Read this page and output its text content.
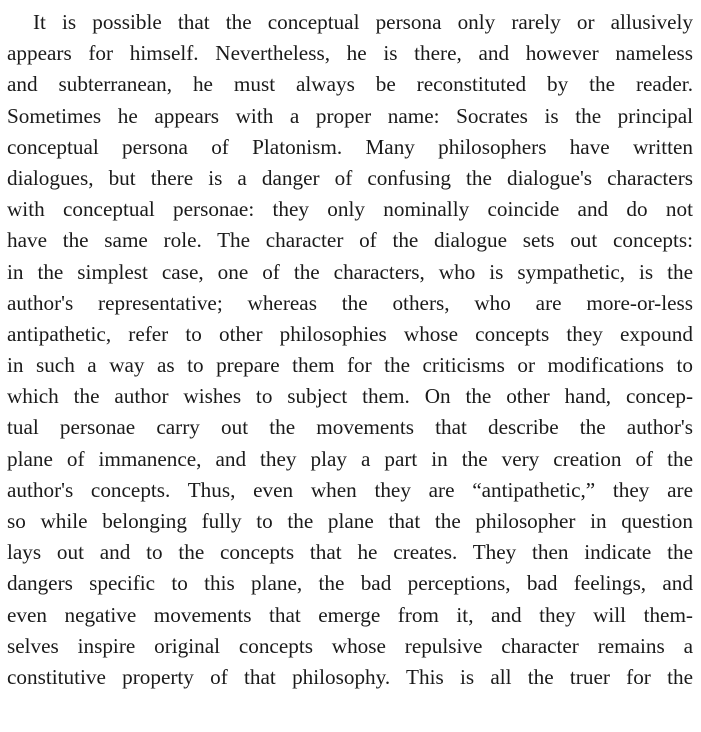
It is possible that the conceptual persona only rarely or allusively
appears for himself. Nevertheless, he is there, and however nameless
and subterranean, he must always be reconstituted by the reader.
Sometimes he appears with a proper name: Socrates is the principal
conceptual persona of Platonism. Many philosophers have written
dialogues, but there is a danger of confusing the dialogue's characters
with conceptual personae: they only nominally coincide and do not
have the same role. The character of the dialogue sets out concepts:
in the simplest case, one of the characters, who is sympathetic, is the
author's representative; whereas the others, who are more-or-less
antipathetic, refer to other philosophies whose concepts they expound
in such a way as to prepare them for the criticisms or modifications to
which the author wishes to subject them. On the other hand, concep-
tual personae carry out the movements that describe the author's
plane of immanence, and they play a part in the very creation of the
author's concepts. Thus, even when they are “antipathetic,” they are
so while belonging fully to the plane that the philosopher in question
lays out and to the concepts that he creates. They then indicate the
dangers specific to this plane, the bad perceptions, bad feelings, and
even negative movements that emerge from it, and they will them-
selves inspire original concepts whose repulsive character remains a
constitutive property of that philosophy. This is all the truer for the
